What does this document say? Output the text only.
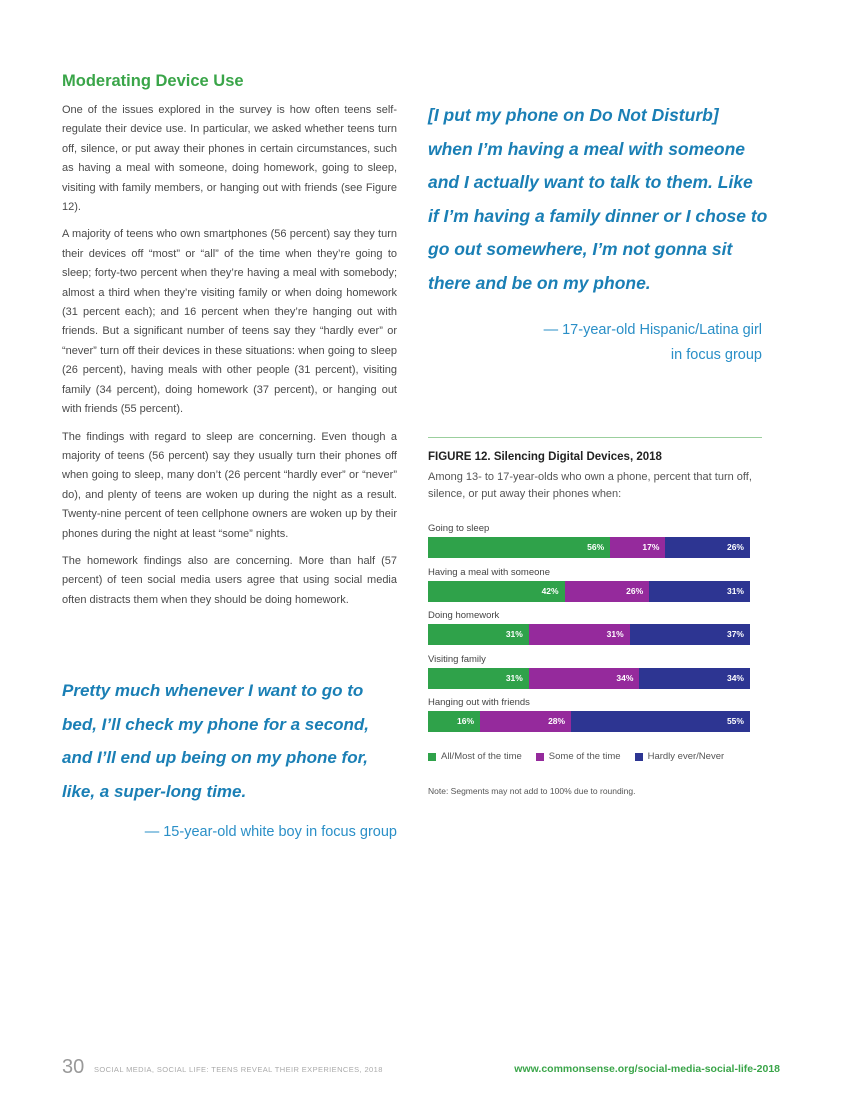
Moderating Device Use

One of the issues explored in the survey is how often teens self-regulate their device use. In particular, we asked whether teens turn off, silence, or put away their phones in certain circumstances, such as having a meal with someone, doing homework, going to sleep, visiting with family members, or hanging out with friends (see Figure 12).

A majority of teens who own smartphones (56 percent) say they turn their devices off “most” or “all” of the time when they’re going to sleep; forty-two percent when they’re having a meal with somebody; almost a third when they’re visiting family or when doing homework (31 percent each); and 16 percent when they’re hanging out with friends. But a significant number of teens say they “hardly ever” or “never” turn off their devices in these situations: when going to sleep (26 percent), having meals with other people (31 percent), visiting family (34 percent), doing homework (37 percent), or hanging out with friends (55 percent).

The findings with regard to sleep are concerning. Even though a majority of teens (56 percent) say they usually turn their phones off when going to sleep, many don’t (26 percent “hardly ever” or “never” do), and plenty of teens are woken up during the night as a result. Twenty-nine percent of teen cellphone owners are woken up by their phones during the night at least “some” nights.

The homework findings also are concerning. More than half (57 percent) of teen social media users agree that using social media often distracts them when they should be doing homework.

Pretty much whenever I want to go to bed, I’ll check my phone for a second, and I’ll end up being on my phone for, like, a super-long time.

— 15-year-old white boy in focus group

[I put my phone on Do Not Disturb] when I’m having a meal with someone and I actually want to talk to them. Like if I’m having a family dinner or I chose to go out somewhere, I’m not gonna sit there and be on my phone.

— 17-year-old Hispanic/Latina girl
in focus group
FIGURE 12. Silencing Digital Devices, 2018
Among 13- to 17-year-olds who own a phone, percent that turn off, silence, or put away their phones when:
Going to sleep
56%	17%	26%
Having a meal with someone
42%	26%	31%
Doing homework
31%	31%	37%
Visiting family
31%	34%	34%
Hanging out with friends
16%	28%	55%
All/Most of the time	Some of the time	Hardly ever/Never
Note: Segments may not add to 100% due to rounding.
30 SOCIAL MEDIA, SOCIAL LIFE: TEENS REVEAL THEIR EXPERIENCES, 2018	www.commonsense.org/social-media-social-life-2018
